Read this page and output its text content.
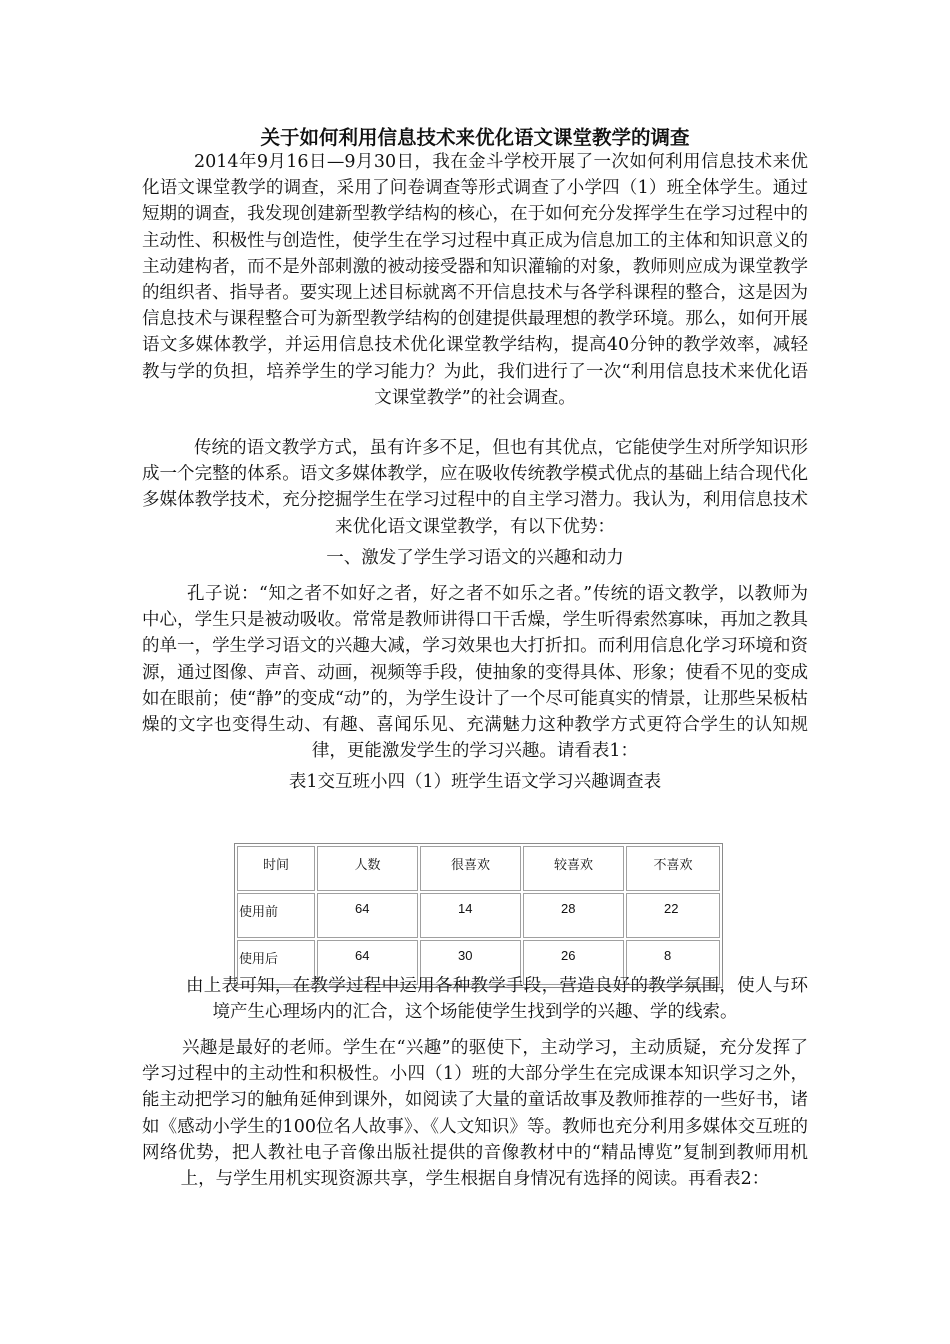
关于如何利用信息技术来优化语文课堂教学的调查

2014年9月16日—9月30日，我在金斗学校开展了一次如何利用信息技术来优化语文课堂教学的调查，采用了问卷调查等形式调查了小学四（1）班全体学生。通过短期的调查，我发现创建新型教学结构的核心，在于如何充分发挥学生在学习过程中的主动性、积极性与创造性，使学生在学习过程中真正成为信息加工的主体和知识意义的主动建构者，而不是外部刺激的被动接受器和知识灌输的对象，教师则应成为课堂教学的组织者、指导者。要实现上述目标就离不开信息技术与各学科课程的整合，这是因为信息技术与课程整合可为新型教学结构的创建提供最理想的教学环境。那么，如何开展语文多媒体教学，并运用信息技术优化课堂教学结构，提高40分钟的教学效率，减轻教与学的负担，培养学生的学习能力？为此，我们进行了一次“利用信息技术来优化语文课堂教学”的社会调查。

传统的语文教学方式，虽有许多不足，但也有其优点，它能使学生对所学知识形成一个完整的体系。语文多媒体教学，应在吸收传统教学模式优点的基础上结合现代化多媒体教学技术，充分挖掘学生在学习过程中的自主学习潜力。我认为，利用信息技术来优化语文课堂教学，有以下优势：

一、激发了学生学习语文的兴趣和动力

孔子说：“知之者不如好之者，好之者不如乐之者。”传统的语文教学，以教师为中心，学生只是被动吸收。常常是教师讲得口干舌燥，学生听得索然寡味，再加之教具的单一，学生学习语文的兴趣大减，学习效果也大打折扣。而利用信息化学习环境和资源，通过图像、声音、动画，视频等手段，使抽象的变得具体、形象；使看不见的变成如在眼前；使“静”的变成“动”的，为学生设计了一个尽可能真实的情景，让那些呆板枯燥的文字也变得生动、有趣、喜闻乐见、充满魅力这种教学方式更符合学生的认知规律，更能激发学生的学习兴趣。请看表1：

表1交互班小四（1）班学生语文学习兴趣调查表

时间	人数	很喜欢	较喜欢	不喜欢
使用前	64	14	28	22
使用后	64	30	26	8

由上表可知，在教学过程中运用各种教学手段，营造良好的教学氛围，使人与环境产生心理场内的汇合，这个场能使学生找到学的兴趣、学的线索。

兴趣是最好的老师。学生在“兴趣”的驱使下，主动学习，主动质疑，充分发挥了学习过程中的主动性和积极性。小四（1）班的大部分学生在完成课本知识学习之外，能主动把学习的触角延伸到课外，如阅读了大量的童话故事及教师推荐的一些好书，诸如《感动小学生的100位名人故事》、《人文知识》等。教师也充分利用多媒体交互班的网络优势，把人教社电子音像出版社提供的音像教材中的“精品博览”复制到教师用机上，与学生用机实现资源共享，学生根据自身情况有选择的阅读。再看表2：
